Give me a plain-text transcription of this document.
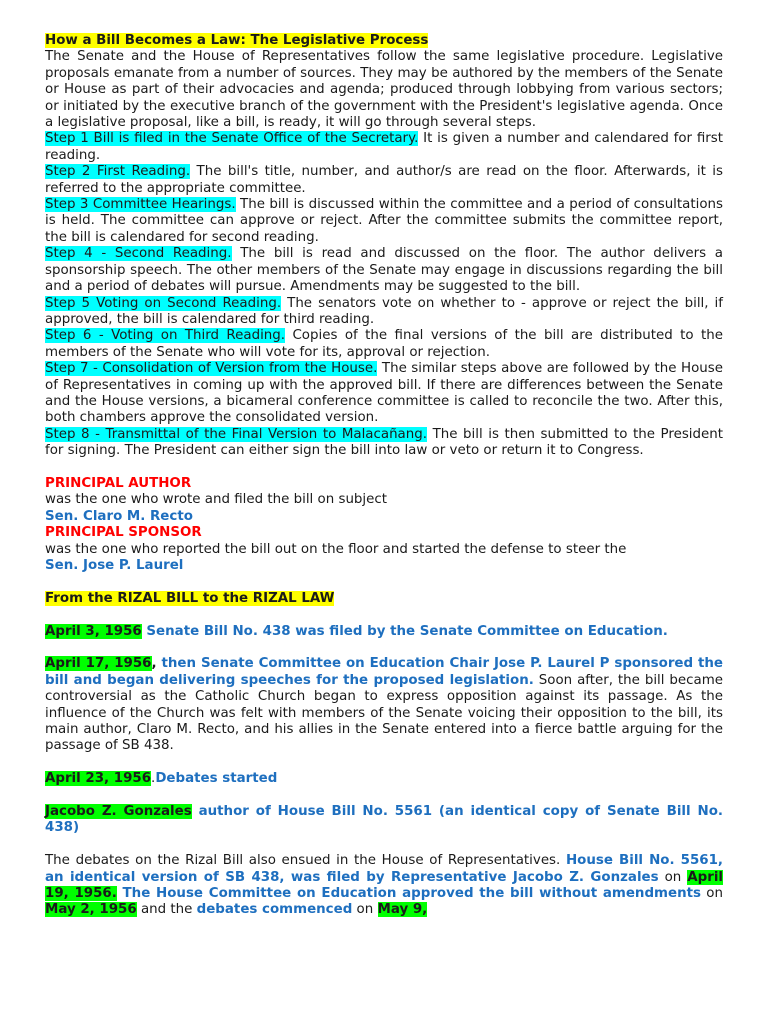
How a Bill Becomes a Law: The Legislative Process

The Senate and the House of Representatives follow the same legislative procedure. Legislative proposals emanate from a number of sources. They may be authored by the members of the Senate or House as part of their advocacies and agenda; produced through lobbying from various sectors; or initiated by the executive branch of the government with the President's legislative agenda. Once a legislative proposal, like a bill, is ready, it will go through several steps.

Step 1 Bill is filed in the Senate Office of the Secretary. It is given a number and calendared for first reading.

Step 2 First Reading. The bill's title, number, and author/s are read on the floor. Afterwards, it is referred to the appropriate committee.

Step 3 Committee Hearings. The bill is discussed within the committee and a period of consultations is held. The committee can approve or reject. After the committee submits the committee report, the bill is calendared for second reading.

Step 4 - Second Reading. The bill is read and discussed on the floor. The author delivers a sponsorship speech. The other members of the Senate may engage in discussions regarding the bill and a period of debates will pursue. Amendments may be suggested to the bill.

Step 5 Voting on Second Reading. The senators vote on whether to - approve or reject the bill, if approved, the bill is calendared for third reading.

Step 6 - Voting on Third Reading. Copies of the final versions of the bill are distributed to the members of the Senate who will vote for its, approval or rejection.

Step 7 - Consolidation of Version from the House. The similar steps above are followed by the House of Representatives in coming up with the approved bill. If there are differences between the Senate and the House versions, a bicameral conference committee is called to reconcile the two. After this, both chambers approve the consolidated version.

Step 8 - Transmittal of the Final Version to Malacañang. The bill is then submitted to the President for signing. The President can either sign the bill into law or veto or return it to Congress.

PRINCIPAL AUTHOR

was the one who wrote and filed the bill on subject

Sen. Claro M. Recto

PRINCIPAL SPONSOR

was the one who reported the bill out on the floor and started the defense to steer the

Sen. Jose P. Laurel

From the RIZAL BILL to the RIZAL LAW

April 3, 1956 Senate Bill No. 438 was filed by the Senate Committee on Education.

April 17, 1956, then Senate Committee on Education Chair Jose P. Laurel P sponsored the bill and began delivering speeches for the proposed legislation. Soon after, the bill became controversial as the Catholic Church began to express opposition against its passage. As the influence of the Church was felt with members of the Senate voicing their opposition to the bill, its main author, Claro M. Recto, and his allies in the Senate entered into a fierce battle arguing for the passage of SB 438.

April 23, 1956.Debates started

Jacobo Z. Gonzales author of House Bill No. 5561 (an identical copy of Senate Bill No. 438)

The debates on the Rizal Bill also ensued in the House of Representatives. House Bill No. 5561, an identical version of SB 438, was filed by Representative Jacobo Z. Gonzales on April 19, 1956. The House Committee on Education approved the bill without amendments on May 2, 1956 and the debates commenced on May 9,
